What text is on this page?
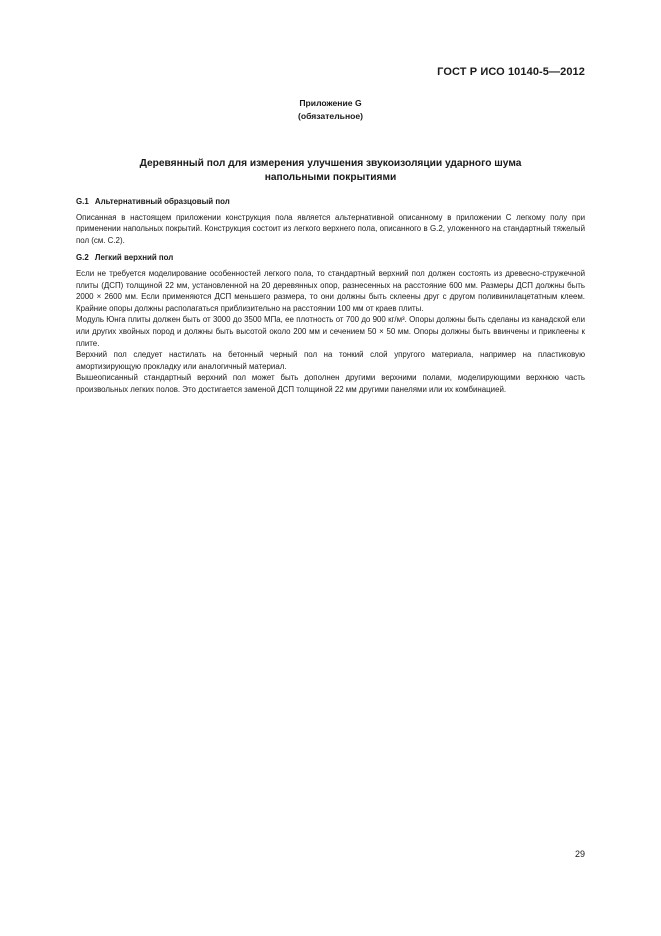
ГОСТ Р ИСО 10140-5—2012
Приложение G
(обязательное)
Деревянный пол для измерения улучшения звукоизоляции ударного шума
напольными покрытиями
G.1 Альтернативный образцовый пол

Описанная в настоящем приложении конструкция пола является альтернативной описанному в приложении C легкому полу при применении напольных покрытий. Конструкция состоит из легкого верхнего пола, описанного в G.2, уложенного на стандартный тяжелый пол (см. C.2).

G.2 Легкий верхний пол

Если не требуется моделирование особенностей легкого пола, то стандартный верхний пол должен состоять из древесно-стружечной плиты (ДСП) толщиной 22 мм, установленной на 20 деревянных опор, разнесенных на расстояние 600 мм. Размеры ДСП должны быть 2000 × 2600 мм. Если применяются ДСП меньшего размера, то они должны быть склеены друг с другом поливинилацетатным клеем. Крайние опоры должны располагаться приблизительно на расстоянии 100 мм от краев плиты.

Модуль Юнга плиты должен быть от 3000 до 3500 МПа, ее плотность от 700 до 900 кг/м³. Опоры должны быть сделаны из канадской ели или других хвойных пород и должны быть высотой около 200 мм и сечением 50 × 50 мм. Опоры должны быть ввинчены и приклеены к плите.

Верхний пол следует настилать на бетонный черный пол на тонкий слой упругого материала, например на пластиковую амортизирующую прокладку или аналогичный материал.

Вышеописанный стандартный верхний пол может быть дополнен другими верхними полами, моделирующими верхнюю часть произвольных легких полов. Это достигается заменой ДСП толщиной 22 мм другими панелями или их комбинацией.

29
